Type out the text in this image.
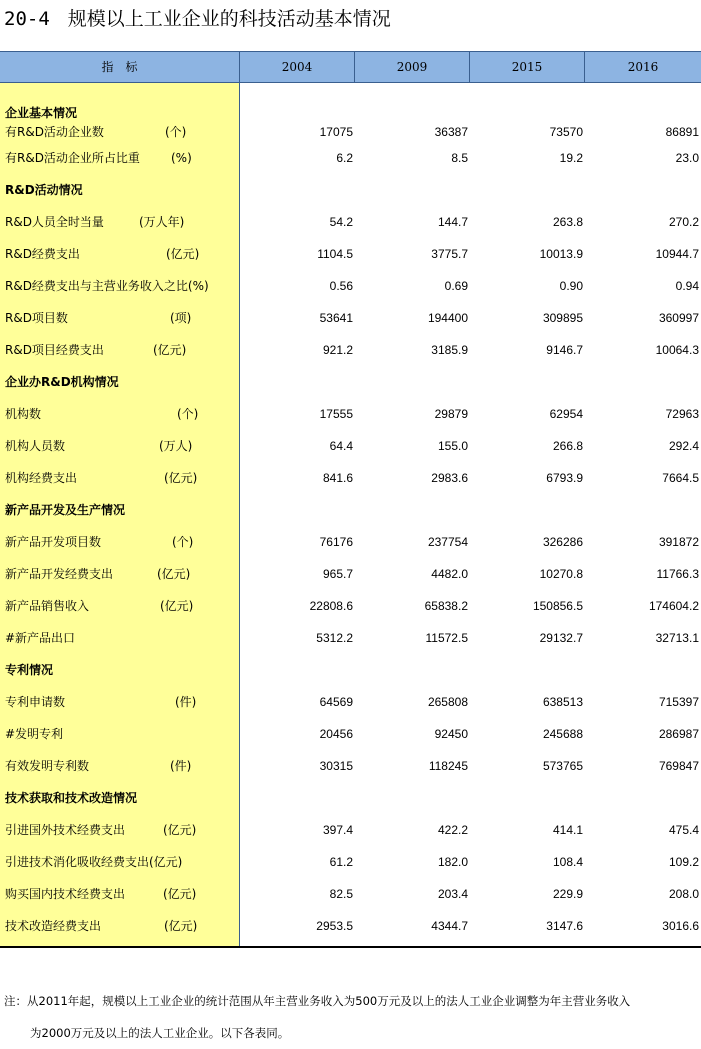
20-4 规模以上工业企业的科技活动基本情况
指　标	2004	2009	2015	2016
企业基本情况
有R&D活动企业数	(个)	17075	36387	73570	86891
有R&D活动企业所占比重	(%)	6.2	8.5	19.2	23.0
R&D活动情况
R&D人员全时当量	(万人年)	54.2	144.7	263.8	270.2
R&D经费支出	(亿元)	1104.5	3775.7	10013.9	10944.7
R&D经费支出与主营业务收入之比(%)	0.56	0.69	0.90	0.94
R&D项目数	(项)	53641	194400	309895	360997
R&D项目经费支出	(亿元)	921.2	3185.9	9146.7	10064.3
企业办R&D机构情况
机构数	(个)	17555	29879	62954	72963
机构人员数	(万人)	64.4	155.0	266.8	292.4
机构经费支出	(亿元)	841.6	2983.6	6793.9	7664.5
新产品开发及生产情况
新产品开发项目数	(个)	76176	237754	326286	391872
新产品开发经费支出	(亿元)	965.7	4482.0	10270.8	11766.3
新产品销售收入	(亿元)	22808.6	65838.2	150856.5	174604.2
#新产品出口	5312.2	11572.5	29132.7	32713.1
专利情况
专利申请数	(件)	64569	265808	638513	715397
#发明专利	20456	92450	245688	286987
有效发明专利数	(件)	30315	118245	573765	769847
技术获取和技术改造情况
引进国外技术经费支出	(亿元)	397.4	422.2	414.1	475.4
引进技术消化吸收经费支出(亿元)	61.2	182.0	108.4	109.2
购买国内技术经费支出	(亿元)	82.5	203.4	229.9	208.0
技术改造经费支出	(亿元)	2953.5	4344.7	3147.6	3016.6
注：从2011年起，规模以上工业企业的统计范围从年主营业务收入为500万元及以上的法人工业企业调整为年主营业务收入
为2000万元及以上的法人工业企业。以下各表同。
